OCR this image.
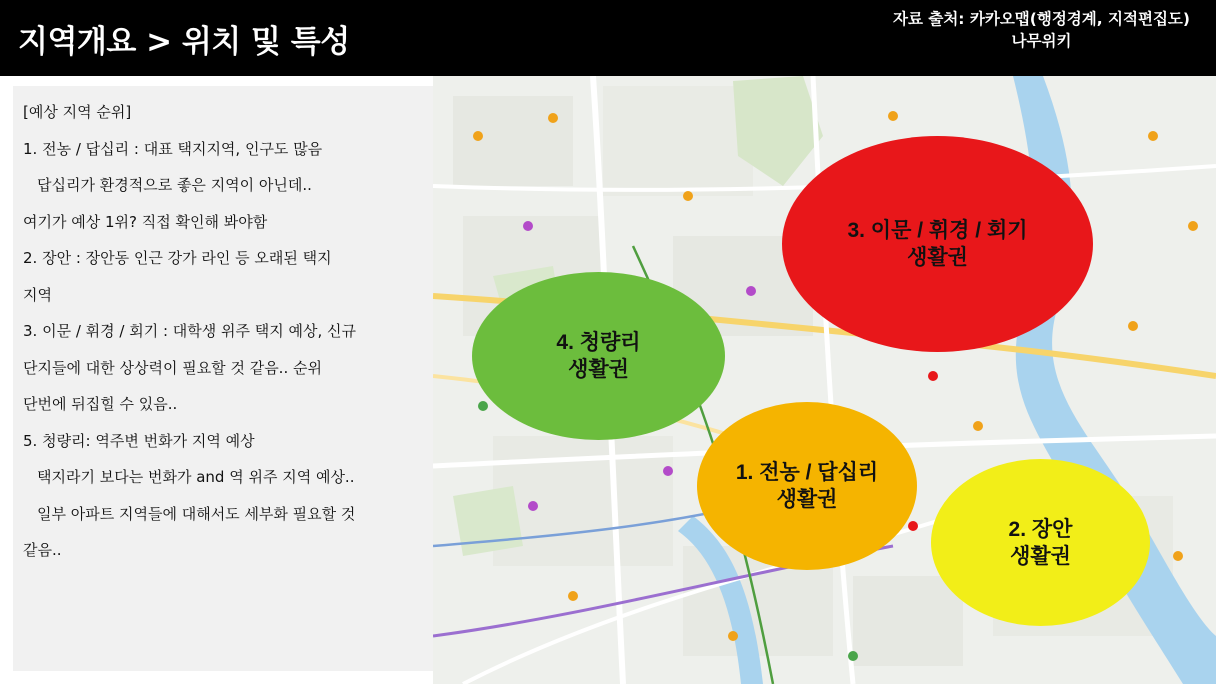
지역개요 > 위치 및 특성
자료 출처: 카카오맵(행정경계, 지적편집도)
나무위키
[예상 지역 순위]
1. 전농 / 답십리 : 대표 택지지역, 인구도 많음
답십리가 환경적으로 좋은 지역이 아닌데..
여기가 예상 1위? 직접 확인해 봐야함
2. 장안 : 장안동 인근 강가 라인 등 오래된 택지
지역
3. 이문 / 휘경 / 회기 : 대학생 위주 택지 예상, 신규
단지들에 대한 상상력이 필요할 것 같음.. 순위
단번에 뒤집힐 수 있음..
5. 청량리: 역주변 번화가 지역 예상
택지라기 보다는 번화가 and 역 위주 지역 예상..
일부 아파트 지역들에 대해서도 세부화 필요할 것
같음..
4. 청량리
생활권
3. 이문 / 휘경 / 회기
생활권
1. 전농 / 답십리
생활권
2. 장안
생활권
